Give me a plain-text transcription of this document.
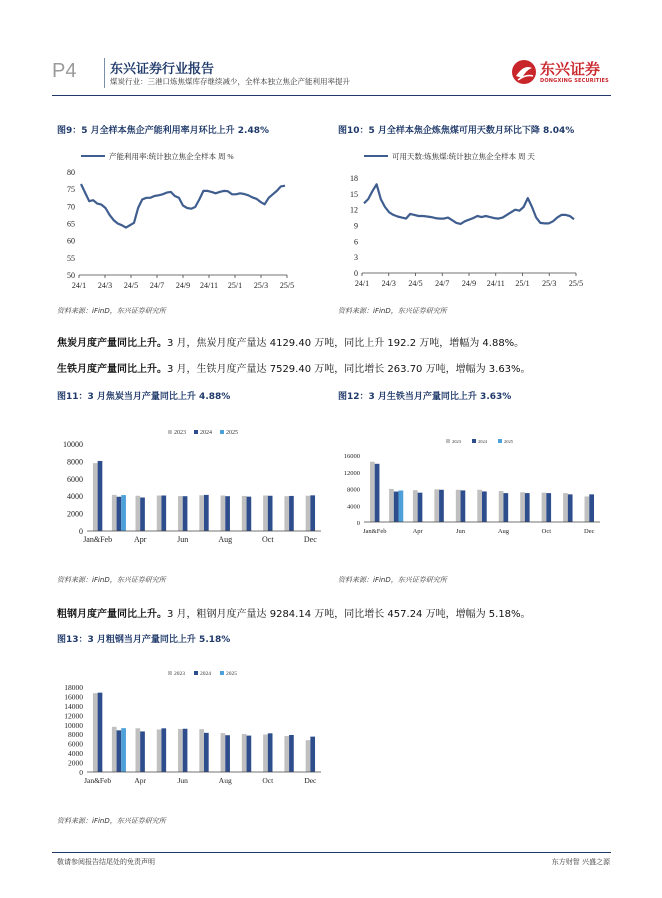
P4	东兴证券行业报告
煤炭行业：三港口炼焦煤库存继续减少，全样本独立焦企产能利用率提升
东兴证券
DONGXING SECURITIES
图9：5 月全样本焦企产能利用率月环比上升 2.48%	图10：5 月全样本焦企炼焦煤可用天数月环比下降 8.04%
产能利用率:统计独立焦企全样本 周 %
50
55
60
65
70
75
80
24/1 24/3 24/5 24/7 24/9 24/11 25/1 25/3 25/5
可用天数:炼焦煤:统计独立焦企全样本 周 天
0
3
6
9
12
15
18
24/1 24/3 24/5 24/7 24/9 24/11 25/1 25/3 25/5
资料来源：iFinD，东兴证券研究所	资料来源：iFinD，东兴证券研究所
焦炭月度产量同比上升。3 月，焦炭月度产量达 4129.40 万吨，同比上升 192.2 万吨，增幅为 4.88%。
生铁月度产量同比上升。3 月，生铁月度产量达 7529.40 万吨，同比增长 263.70 万吨，增幅为 3.63%。
图11：3 月焦炭当月产量同比上升 4.88%	图12：3 月生铁当月产量同比上升 3.63%
2023 2024 2025
0
2000
4000
6000
8000
10000
Jan&Feb	Apr	Jun	Aug	Oct	Dec
2023	2024	2025
0
4000
8000
12000
16000
Jan&Feb	Apr	Jun	Aug	Oct	Dec
资料来源：iFinD，东兴证券研究所	资料来源：iFinD，东兴证券研究所
粗钢月度产量同比上升。3 月，粗钢月度产量达 9284.14 万吨，同比增长 457.24 万吨，增幅为 5.18%。
图13：3 月粗钢当月产量同比上升 5.18%
2023	2024	2025
0
2000
4000
6000
8000
10000
12000
14000
16000
18000
Jan&Feb	Apr	Jun	Aug	Oct	Dec
资料来源：iFinD，东兴证券研究所
敬请参阅报告结尾处的免责声明	东方财智 兴盛之源
